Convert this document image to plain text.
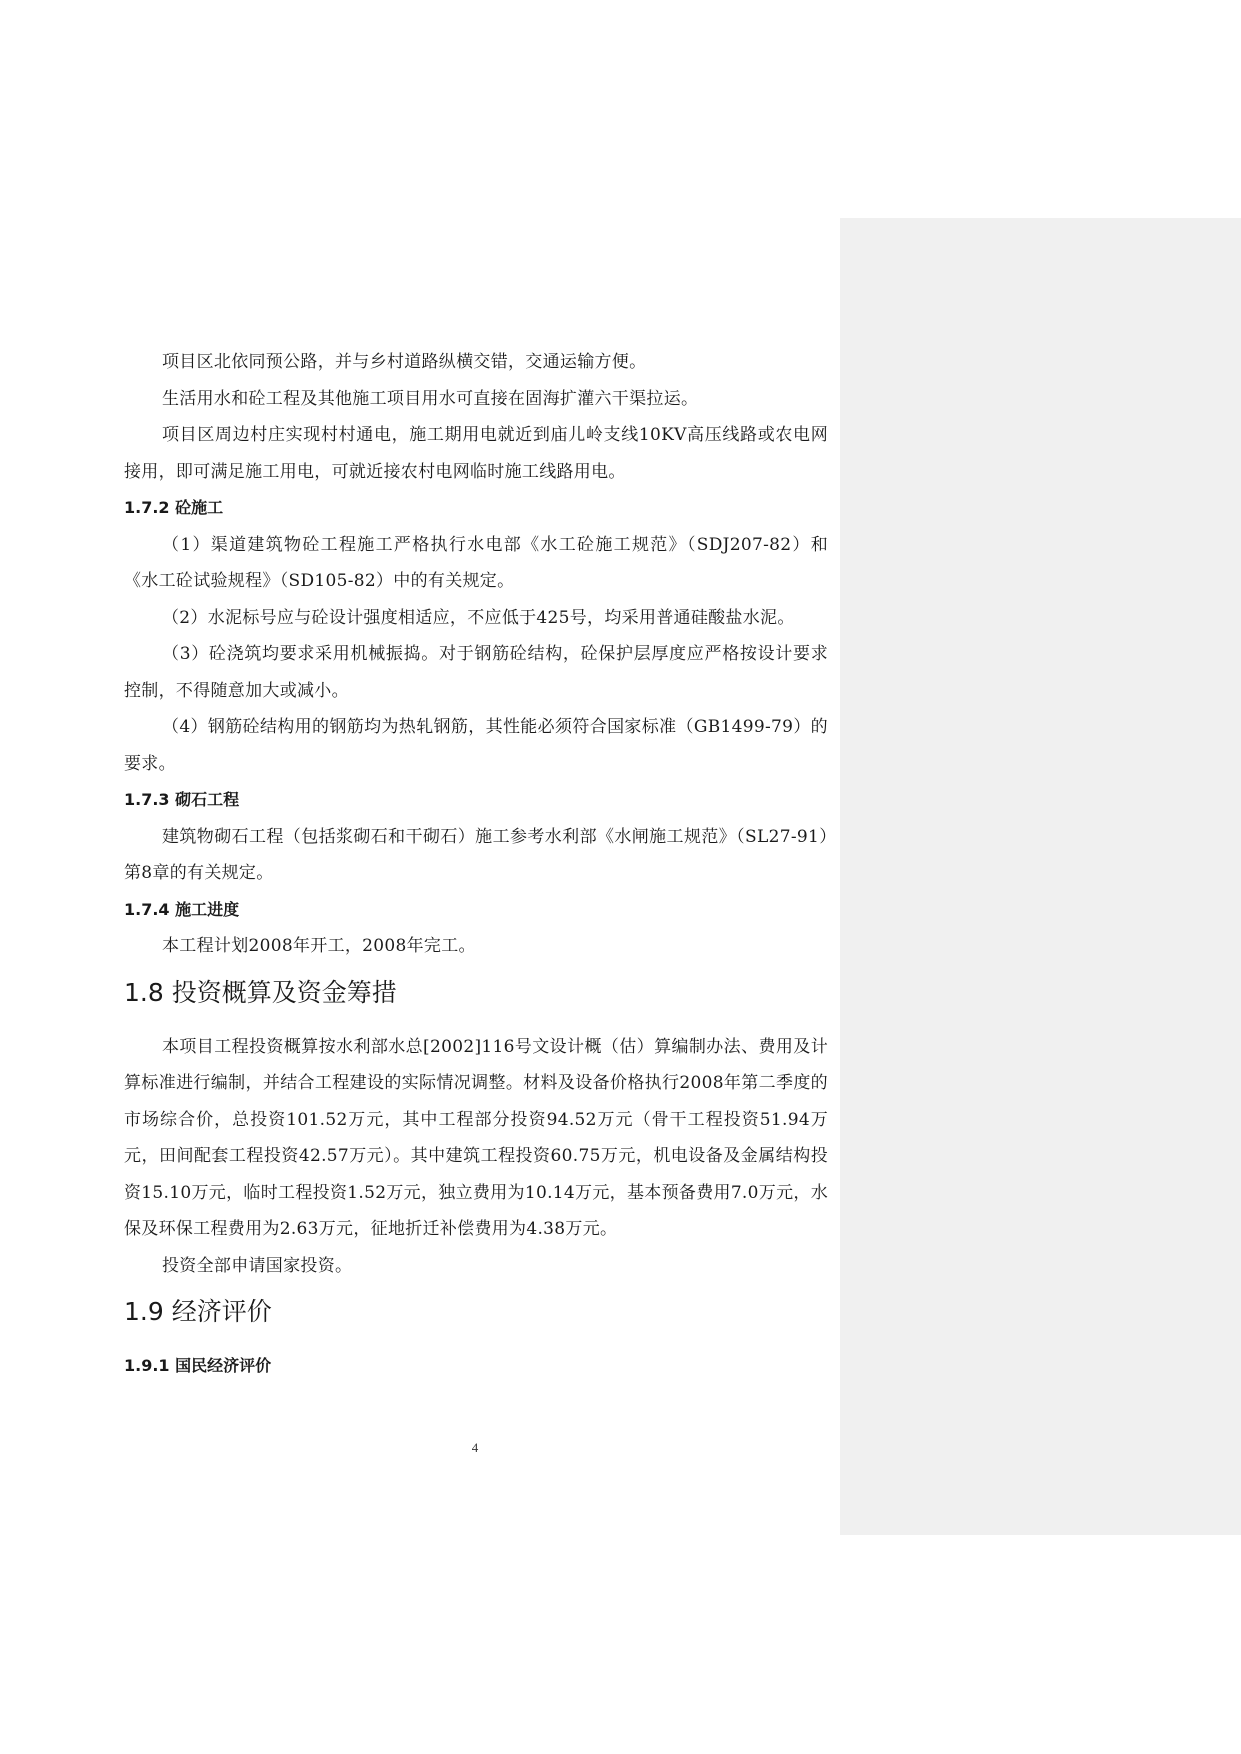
项目区北依同预公路，并与乡村道路纵横交错，交通运输方便。

生活用水和砼工程及其他施工项目用水可直接在固海扩灌六干渠拉运。

项目区周边村庄实现村村通电，施工期用电就近到庙儿岭支线10KV高压线路或农电网接用，即可满足施工用电，可就近接农村电网临时施工线路用电。

1.7.2 砼施工

（1）渠道建筑物砼工程施工严格执行水电部《水工砼施工规范》（SDJ207-82）和《水工砼试验规程》（SD105-82）中的有关规定。

（2）水泥标号应与砼设计强度相适应，不应低于425号，均采用普通硅酸盐水泥。

（3）砼浇筑均要求采用机械振捣。对于钢筋砼结构，砼保护层厚度应严格按设计要求控制，不得随意加大或减小。

（4）钢筋砼结构用的钢筋均为热轧钢筋，其性能必须符合国家标准（GB1499-79）的要求。

1.7.3 砌石工程

建筑物砌石工程（包括浆砌石和干砌石）施工参考水利部《水闸施工规范》（SL27-91）第8章的有关规定。

1.7.4 施工进度

本工程计划2008年开工，2008年完工。

1.8 投资概算及资金筹措

本项目工程投资概算按水利部水总[2002]116号文设计概（估）算编制办法、费用及计算标准进行编制，并结合工程建设的实际情况调整。材料及设备价格执行2008年第二季度的市场综合价，总投资101.52万元，其中工程部分投资94.52万元（骨干工程投资51.94万元，田间配套工程投资42.57万元）。其中建筑工程投资60.75万元，机电设备及金属结构投资15.10万元，临时工程投资1.52万元，独立费用为10.14万元，基本预备费用7.0万元，水保及环保工程费用为2.63万元，征地折迁补偿费用为4.38万元。

投资全部申请国家投资。

1.9 经济评价
1.9.1 国民经济评价
4
